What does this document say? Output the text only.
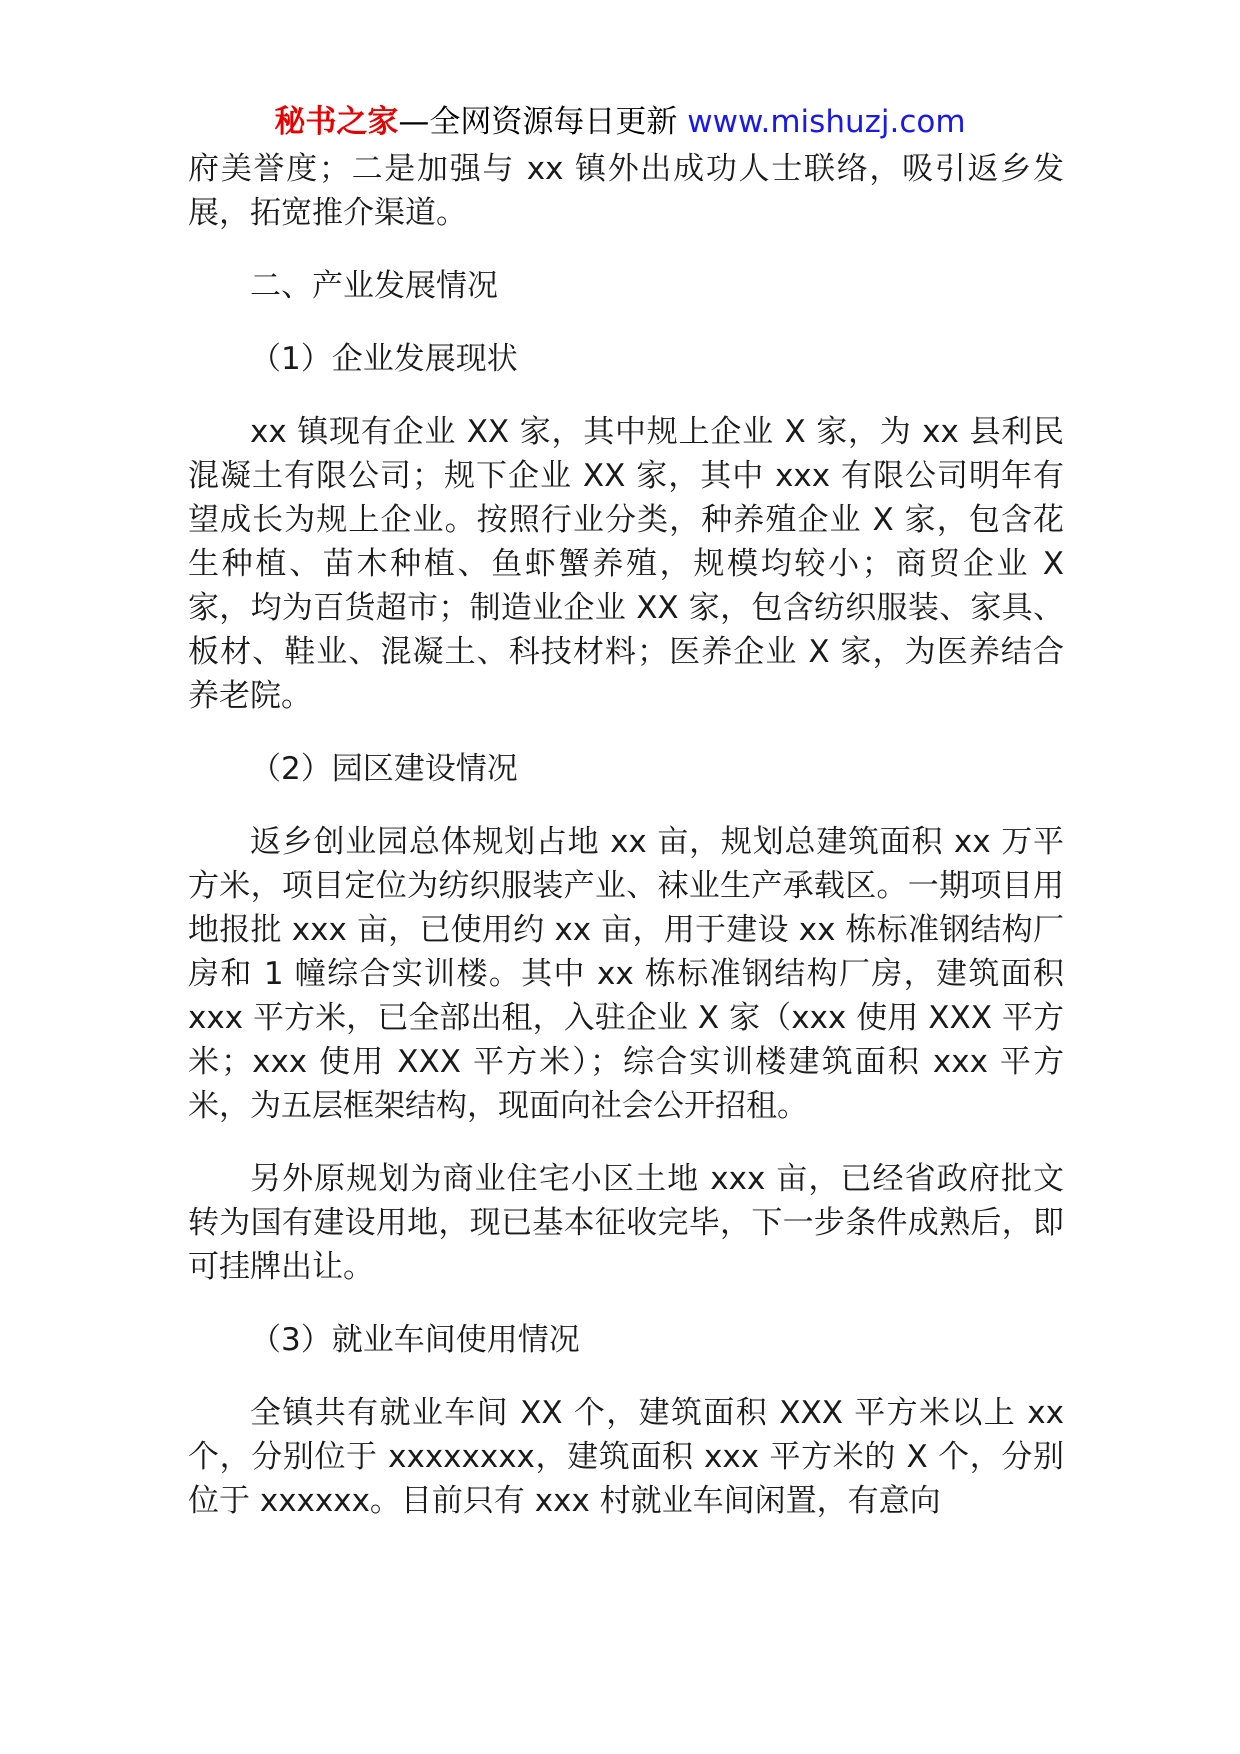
秘书之家—全网资源每日更新 www.mishuzj.com

府美誉度；二是加强与 xx 镇外出成功人士联络，吸引返乡发展，拓宽推介渠道。

二、产业发展情况

（1）企业发展现状

xx 镇现有企业 XX 家，其中规上企业 X 家，为 xx 县利民混凝土有限公司；规下企业 XX 家，其中 xxx 有限公司明年有望成长为规上企业。按照行业分类，种养殖企业 X 家，包含花生种植、苗木种植、鱼虾蟹养殖，规模均较小；商贸企业 X 家，均为百货超市；制造业企业 XX 家，包含纺织服装、家具、板材、鞋业、混凝土、科技材料；医养企业 X 家，为医养结合养老院。

（2）园区建设情况

返乡创业园总体规划占地 xx 亩，规划总建筑面积 xx 万平方米，项目定位为纺织服装产业、袜业生产承载区。一期项目用地报批 xxx 亩，已使用约 xx 亩，用于建设 xx 栋标准钢结构厂房和 1 幢综合实训楼。其中 xx 栋标准钢结构厂房，建筑面积 xxx 平方米，已全部出租，入驻企业 X 家（xxx 使用 XXX 平方米；xxx 使用 XXX 平方米）；综合实训楼建筑面积 xxx 平方米，为五层框架结构，现面向社会公开招租。

另外原规划为商业住宅小区土地 xxx 亩，已经省政府批文转为国有建设用地，现已基本征收完毕，下一步条件成熟后，即可挂牌出让。

（3）就业车间使用情况

全镇共有就业车间 XX 个，建筑面积 XXX 平方米以上 xx 个，分别位于 xxxxxxxx，建筑面积 xxx 平方米的 X 个，分别位于 xxxxxx。目前只有 xxx 村就业车间闲置，有意向
